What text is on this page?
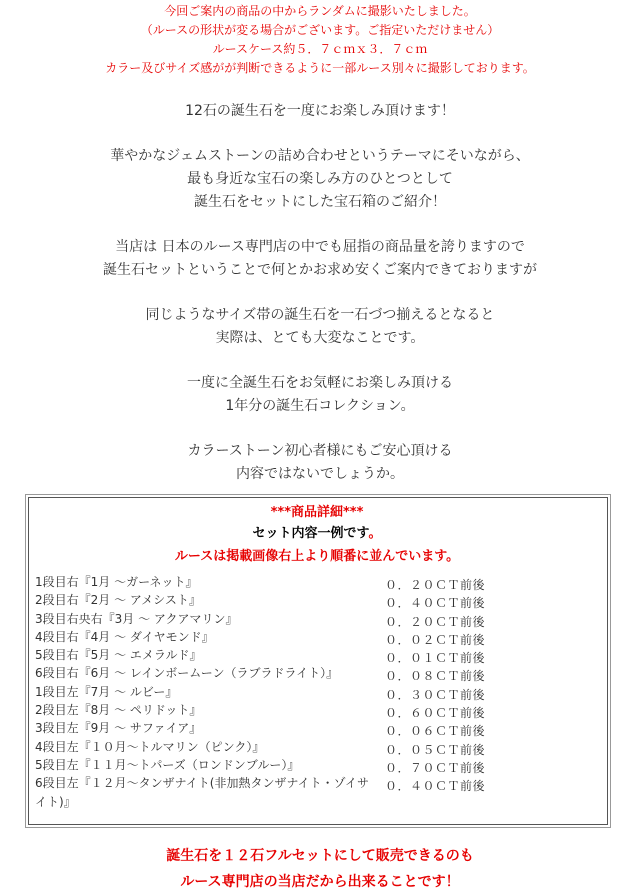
今回ご案内の商品の中からランダムに撮影いたしました。
（ルースの形状が変る場合がございます。ご指定いただけません）
ルースケース約５．７ｃｍｘ３．７ｃｍ
カラー及びサイズ感がが判断できるように一部ルース別々に撮影しております。
12石の誕生石を一度にお楽しみ頂けます！
華やかなジェムストーンの詰め合わせというテーマにそいながら、
最も身近な宝石の楽しみ方のひとつとして
誕生石をセットにした宝石箱のご紹介！
当店は 日本のルース専門店の中でも屈指の商品量を誇りますので
誕生石セットということで何とかお求め安くご案内できておりますが
同じようなサイズ帯の誕生石を一石づつ揃えるとなると
実際は、とても大変なことです。
一度に全誕生石をお気軽にお楽しみ頂ける
1年分の誕生石コレクション。
カラーストーン初心者様にもご安心頂ける
内容ではないでしょうか。
***商品詳細***
セット内容一例です。
ルースは掲載画像右上より順番に並んでいます。
1段目右『1月 ～ガーネット』
2段目右『2月 ～ アメシスト』
3段目右央右『3月 ～ アクアマリン』
4段目右『4月 ～ ダイヤモンド』
5段目右『5月 ～ エメラルド』
6段目右『6月 ～ レインボームーン（ラブラドライト）』
1段目左『7月 ～ ルビー』
2段目左『8月 ～ ペリドット』
3段目左『9月 ～ サファイア』
4段目左『１０月～トルマリン（ピンク）』
5段目左『１１月～トパーズ（ロンドンブルー）』
6段目左『１２月～タンザナイト(非加熱タンザナイト・ゾイサイト)』
０．２０ＣＴ前後
０．４０ＣＴ前後
０．２０ＣＴ前後
０．０２ＣＴ前後
０．０１ＣＴ前後
０．０８ＣＴ前後
０．３０ＣＴ前後
０．６０ＣＴ前後
０．０６ＣＴ前後
０．０５ＣＴ前後
０．７０ＣＴ前後
０．４０ＣＴ前後
誕生石を１２石フルセットにして販売できるのも
ルース専門店の当店だから出来ることです！
